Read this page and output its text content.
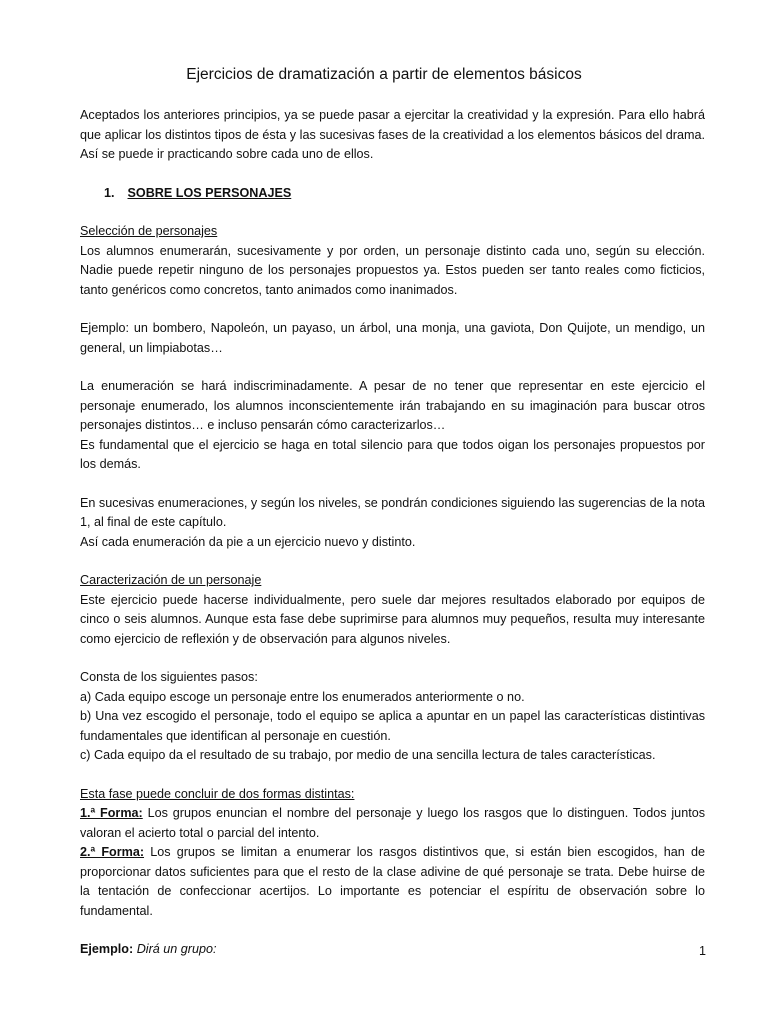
Ejercicios de dramatización a partir de elementos básicos

Aceptados los anteriores principios, ya se puede pasar a ejercitar la creatividad y la expresión. Para ello habrá que aplicar los distintos tipos de ésta y las sucesivas fases de la creatividad a los elementos básicos del drama. Así se puede ir practicando sobre cada uno de ellos.

1. SOBRE LOS PERSONAJES

Selección de personajes

Los alumnos enumerarán, sucesivamente y por orden, un personaje distinto cada uno, según su elección. Nadie puede repetir ninguno de los personajes propuestos ya. Estos pueden ser tanto reales como ficticios, tanto genéricos como concretos, tanto animados como inanimados.

Ejemplo: un bombero, Napoleón, un payaso, un árbol, una monja, una gaviota, Don Quijote, un mendigo, un general, un limpiabotas…

La enumeración se hará indiscriminadamente. A pesar de no tener que representar en este ejercicio el personaje enumerado, los alumnos inconscientemente irán trabajando en su imaginación para buscar otros personajes distintos… e incluso pensarán cómo caracterizarlos…

Es fundamental que el ejercicio se haga en total silencio para que todos oigan los personajes propuestos por los demás.

En sucesivas enumeraciones, y según los niveles, se pondrán condiciones siguiendo las sugerencias de la nota 1, al final de este capítulo.

Así cada enumeración da pie a un ejercicio nuevo y distinto.

Caracterización de un personaje

Este ejercicio puede hacerse individualmente, pero suele dar mejores resultados elaborado por equipos de cinco o seis alumnos. Aunque esta fase debe suprimirse para alumnos muy pequeños, resulta muy interesante como ejercicio de reflexión y de observación para algunos niveles.

Consta de los siguientes pasos:

a) Cada equipo escoge un personaje entre los enumerados anteriormente o no.

b) Una vez escogido el personaje, todo el equipo se aplica a apuntar en un papel las características distintivas fundamentales que identifican al personaje en cuestión.

c) Cada equipo da el resultado de su trabajo, por medio de una sencilla lectura de tales características.

Esta fase puede concluir de dos formas distintas:

1.ª Forma: Los grupos enuncian el nombre del personaje y luego los rasgos que lo distinguen. Todos juntos valoran el acierto total o parcial del intento.

2.ª Forma: Los grupos se limitan a enumerar los rasgos distintivos que, si están bien escogidos, han de proporcionar datos suficientes para que el resto de la clase adivine de qué personaje se trata. Debe huirse de la tentación de confeccionar acertijos. Lo importante es potenciar el espíritu de observación sobre lo fundamental.

Ejemplo: Dirá un grupo:	1
